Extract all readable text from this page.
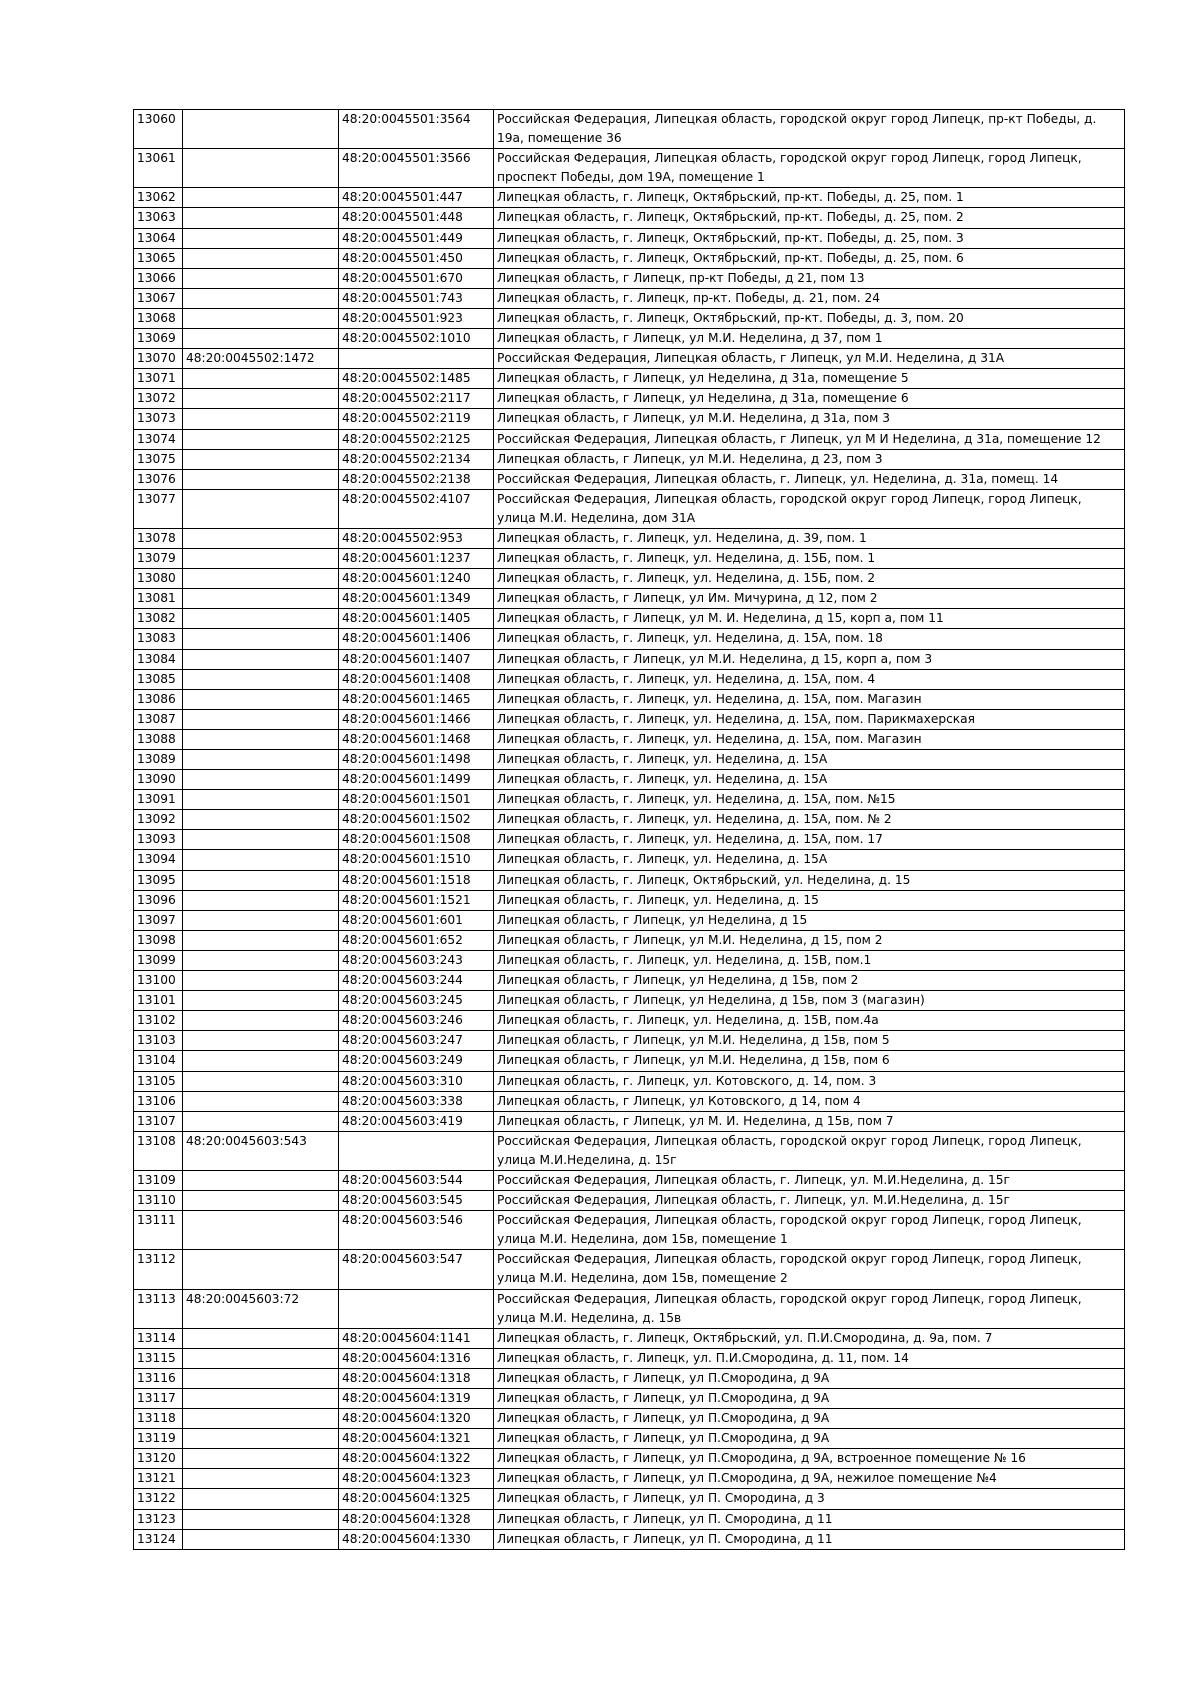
13060		48:20:0045501:3564	Российская Федерация, Липецкая область, городской округ город Липецк, пр-кт Победы, д. 19а, помещение 36
13061		48:20:0045501:3566	Российская Федерация, Липецкая область, городской округ город Липецк, город Липецк, проспект Победы, дом 19А, помещение 1
13062		48:20:0045501:447	Липецкая область, г. Липецк, Октябрьский, пр-кт. Победы, д. 25, пом. 1
13063		48:20:0045501:448	Липецкая область, г. Липецк, Октябрьский, пр-кт. Победы, д. 25, пом. 2
13064		48:20:0045501:449	Липецкая область, г. Липецк, Октябрьский, пр-кт. Победы, д. 25, пом. 3
13065		48:20:0045501:450	Липецкая область, г. Липецк, Октябрьский, пр-кт. Победы, д. 25, пом. 6
13066		48:20:0045501:670	Липецкая область, г Липецк, пр-кт Победы, д 21, пом 13
13067		48:20:0045501:743	Липецкая область, г. Липецк, пр-кт. Победы, д. 21, пом. 24
13068		48:20:0045501:923	Липецкая область, г. Липецк, Октябрьский, пр-кт. Победы, д. 3, пом. 20
13069		48:20:0045502:1010	Липецкая область, г Липецк, ул М.И. Неделина, д 37, пом 1
13070	48:20:0045502:1472		Российская Федерация, Липецкая область, г Липецк, ул М.И. Неделина, д 31А
13071		48:20:0045502:1485	Липецкая область, г Липецк, ул Неделина, д 31а, помещение 5
13072		48:20:0045502:2117	Липецкая область, г Липецк, ул Неделина, д 31а, помещение 6
13073		48:20:0045502:2119	Липецкая область, г Липецк, ул М.И. Неделина, д 31а, пом 3
13074		48:20:0045502:2125	Российская Федерация, Липецкая область, г Липецк, ул М И Неделина, д 31а, помещение 12
13075		48:20:0045502:2134	Липецкая область, г Липецк, ул М.И. Неделина, д 23, пом 3
13076		48:20:0045502:2138	Российская Федерация, Липецкая область, г. Липецк, ул. Неделина, д. 31а, помещ. 14
13077		48:20:0045502:4107	Российская Федерация, Липецкая область, городской округ город Липецк, город Липецк, улица М.И. Неделина, дом 31А
13078		48:20:0045502:953	Липецкая область, г. Липецк, ул. Неделина, д. 39, пом. 1
13079		48:20:0045601:1237	Липецкая область, г. Липецк, ул. Неделина, д. 15Б, пом. 1
13080		48:20:0045601:1240	Липецкая область, г. Липецк, ул. Неделина, д. 15Б, пом. 2
13081		48:20:0045601:1349	Липецкая область, г Липецк, ул Им. Мичурина, д 12, пом 2
13082		48:20:0045601:1405	Липецкая область, г Липецк, ул М. И. Неделина, д 15, корп а, пом 11
13083		48:20:0045601:1406	Липецкая область, г. Липецк, ул. Неделина, д. 15А, пом. 18
13084		48:20:0045601:1407	Липецкая область, г Липецк, ул М.И. Неделина, д 15, корп а, пом 3
13085		48:20:0045601:1408	Липецкая область, г. Липецк, ул. Неделина, д. 15А, пом. 4
13086		48:20:0045601:1465	Липецкая область, г. Липецк, ул. Неделина, д. 15А, пом. Магазин
13087		48:20:0045601:1466	Липецкая область, г. Липецк, ул. Неделина, д. 15А, пом. Парикмахерская
13088		48:20:0045601:1468	Липецкая область, г. Липецк, ул. Неделина, д. 15А, пом. Магазин
13089		48:20:0045601:1498	Липецкая область, г. Липецк, ул. Неделина, д. 15А
13090		48:20:0045601:1499	Липецкая область, г. Липецк, ул. Неделина, д. 15А
13091		48:20:0045601:1501	Липецкая область, г. Липецк, ул. Неделина, д. 15А, пом. №15
13092		48:20:0045601:1502	Липецкая область, г. Липецк, ул. Неделина, д. 15А, пом. № 2
13093		48:20:0045601:1508	Липецкая область, г. Липецк, ул. Неделина, д. 15А, пом. 17
13094		48:20:0045601:1510	Липецкая область, г. Липецк, ул. Неделина, д. 15А
13095		48:20:0045601:1518	Липецкая область, г. Липецк, Октябрьский, ул. Неделина, д. 15
13096		48:20:0045601:1521	Липецкая область, г. Липецк, ул. Неделина, д. 15
13097		48:20:0045601:601	Липецкая область, г Липецк, ул Неделина, д 15
13098		48:20:0045601:652	Липецкая область, г Липецк, ул М.И. Неделина, д 15, пом 2
13099		48:20:0045603:243	Липецкая область, г. Липецк, ул. Неделина, д. 15В, пом.1
13100		48:20:0045603:244	Липецкая область, г Липецк, ул Неделина, д 15в, пом 2
13101		48:20:0045603:245	Липецкая область, г Липецк, ул Неделина, д 15в, пом 3 (магазин)
13102		48:20:0045603:246	Липецкая область, г. Липецк, ул. Неделина, д. 15В, пом.4а
13103		48:20:0045603:247	Липецкая область, г Липецк, ул М.И. Неделина, д 15в, пом 5
13104		48:20:0045603:249	Липецкая область, г Липецк, ул М.И. Неделина, д 15в, пом 6
13105		48:20:0045603:310	Липецкая область, г. Липецк, ул. Котовского, д. 14, пом. 3
13106		48:20:0045603:338	Липецкая область, г Липецк, ул Котовского, д 14, пом 4
13107		48:20:0045603:419	Липецкая область, г Липецк, ул М. И. Неделина, д 15в, пом 7
13108	48:20:0045603:543		Российская Федерация, Липецкая область, городской округ город Липецк, город Липецк, улица М.И.Неделина, д. 15г
13109		48:20:0045603:544	Российская Федерация, Липецкая область, г. Липецк, ул. М.И.Неделина, д. 15г
13110		48:20:0045603:545	Российская Федерация, Липецкая область, г. Липецк, ул. М.И.Неделина, д. 15г
13111		48:20:0045603:546	Российская Федерация, Липецкая область, городской округ город Липецк, город Липецк, улица М.И. Неделина, дом 15в, помещение 1
13112		48:20:0045603:547	Российская Федерация, Липецкая область, городской округ город Липецк, город Липецк, улица М.И. Неделина, дом 15в, помещение 2
13113	48:20:0045603:72		Российская Федерация, Липецкая область, городской округ город Липецк, город Липецк, улица М.И. Неделина, д. 15в
13114		48:20:0045604:1141	Липецкая область, г. Липецк, Октябрьский, ул. П.И.Смородина, д. 9а, пом. 7
13115		48:20:0045604:1316	Липецкая область, г. Липецк, ул. П.И.Смородина, д. 11, пом. 14
13116		48:20:0045604:1318	Липецкая область, г Липецк, ул П.Смородина, д 9А
13117		48:20:0045604:1319	Липецкая область, г Липецк, ул П.Смородина, д 9А
13118		48:20:0045604:1320	Липецкая область, г Липецк, ул П.Смородина, д 9А
13119		48:20:0045604:1321	Липецкая область, г Липецк, ул П.Смородина, д 9А
13120		48:20:0045604:1322	Липецкая область, г Липецк, ул П.Смородина, д 9А, встроенное помещение № 16
13121		48:20:0045604:1323	Липецкая область, г Липецк, ул П.Смородина, д 9А, нежилое помещение №4
13122		48:20:0045604:1325	Липецкая область, г Липецк, ул П. Смородина, д 3
13123		48:20:0045604:1328	Липецкая область, г Липецк, ул П. Смородина, д 11
13124		48:20:0045604:1330	Липецкая область, г Липецк, ул П. Смородина, д 11
